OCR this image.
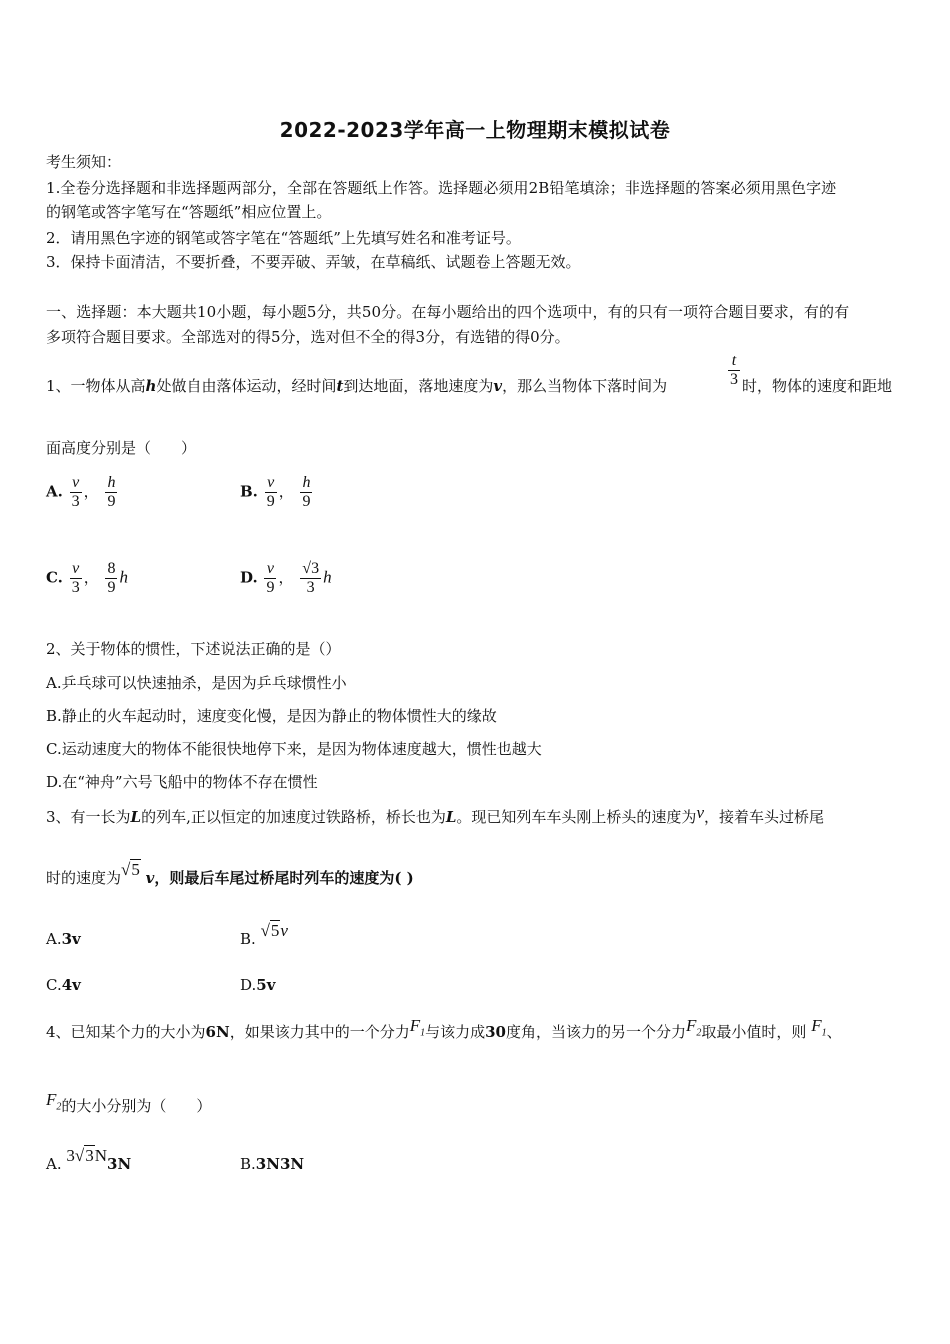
2022-2023学年高一上物理期末模拟试卷
考生须知：
1.全卷分选择题和非选择题两部分，全部在答题纸上作答。选择题必须用2B铅笔填涂；非选择题的答案必须用黑色字迹
的钢笔或答字笔写在“答题纸”相应位置上。
2．请用黑色字迹的钢笔或答字笔在“答题纸”上先填写姓名和准考证号。
3．保持卡面清洁，不要折叠，不要弄破、弄皱，在草稿纸、试题卷上答题无效。
一、选择题：本大题共10小题，每小题5分，共50分。在每小题给出的四个选项中，有的只有一项符合题目要求，有的有
多项符合题目要求。全部选对的得5分，选对但不全的得3分，有选错的得0分。
1、一物体从高h处做自由落体运动，经时间t到达地面，落地速度为v，那么当物体下落时间为
t
3 时，物体的速度和距地
面高度分别是（　　）
A. $\frac{v}{3}$ ， $\frac{h}{9}$	B. $\frac{v}{9}$ ， $\frac{h}{9}$
C. $\frac{v}{3}$ ， $\frac{8}{9}$ h	D. $\frac{v}{9}$ ， $\frac{√3}{3}$ h
2、关于物体的惯性，下述说法正确的是（）
A.乒乓球可以快速抽杀，是因为乒乓球惯性小
B.静止的火车起动时，速度变化慢，是因为静止的物体惯性大的缘故
C.运动速度大的物体不能很快地停下来，是因为物体速度越大，惯性也越大
D.在“神舟”六号飞船中的物体不存在惯性
3、有一长为L的列车,正以恒定的加速度过铁路桥，桥长也为L。现已知列车车头刚上桥头的速度为v，接着车头过桥尾
时的速度为√5 v，则最后车尾过桥尾时列车的速度为( )
A.3v	B. √5v
C.4v	D.5v
4、已知某个力的大小为6N，如果该力其中的一个分力$F_1$与该力成30度角，当该力的另一个分力$F_2$取最小值时，则 $F_1$、
$F_2$的大小分别为（　　）
A. 3√3N3N	B.3N3N
